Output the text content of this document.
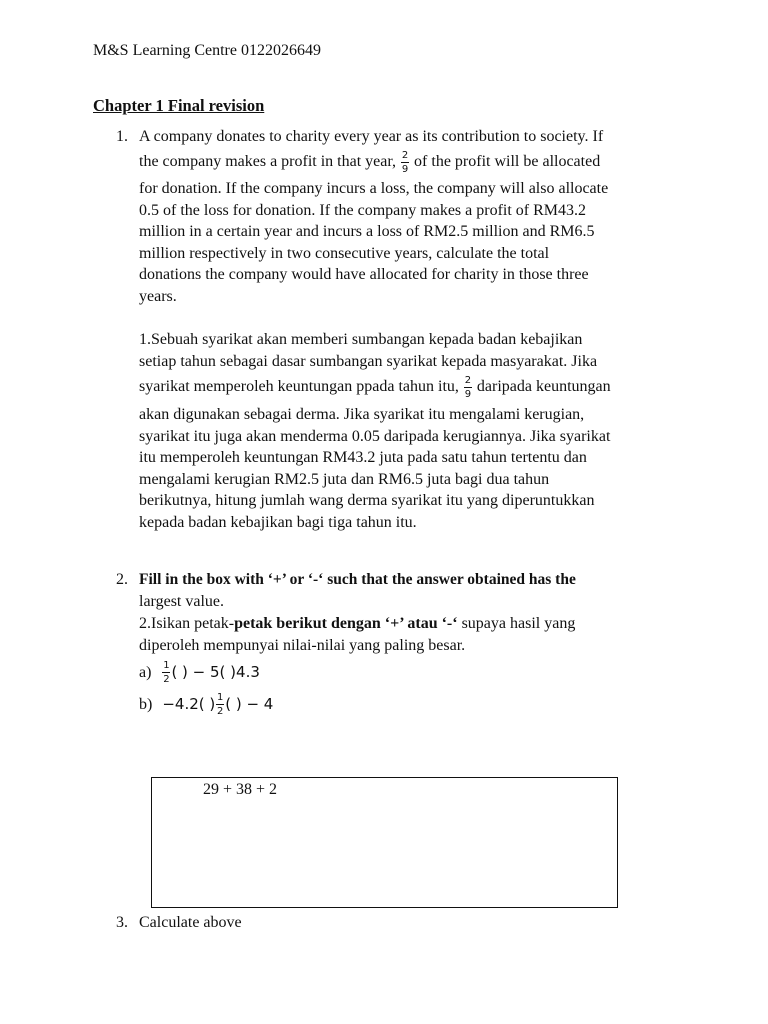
M&S Learning Centre 0122026649
Chapter 1 Final revision
1. A company donates to charity every year as its contribution to society. If
the company makes a profit in that year, $\frac{2}{9}$ of the profit will be allocated
for donation. If the company incurs a loss, the company will also allocate
0.5 of the loss for donation. If the company makes a profit of RM43.2
million in a certain year and incurs a loss of RM2.5 million and RM6.5
million respectively in two consecutive years, calculate the total
donations the company would have allocated for charity in those three
years.
1.Sebuah syarikat akan memberi sumbangan kepada badan kebajikan
setiap tahun sebagai dasar sumbangan syarikat kepada masyarakat. Jika
syarikat memperoleh keuntungan ppada tahun itu, $\frac{2}{9}$ daripada keuntungan
akan digunakan sebagai derma. Jika syarikat itu mengalami kerugian,
syarikat itu juga akan menderma 0.05 daripada kerugiannya. Jika syarikat
itu memperoleh keuntungan RM43.2 juta pada satu tahun tertentu dan
mengalami kerugian RM2.5 juta dan RM6.5 juta bagi dua tahun
berikutnya, hitung jumlah wang derma syarikat itu yang diperuntukkan
kepada badan kebajikan bagi tiga tahun itu.
2. Fill in the box with ‘+’ or ‘-‘ such that the answer obtained has the
largest value.
2.Isikan petak-petak berikut dengan ‘+’ atau ‘-‘ supaya hasil yang
diperoleh mempunyai nilai-nilai yang paling besar.
$a) \frac{1}{2}$ ( ) − 5( )4.3
b) −4.2( ) $\frac{1}{2}$ ( ) − 4
29 + 38 + 2
3. Calculate above
